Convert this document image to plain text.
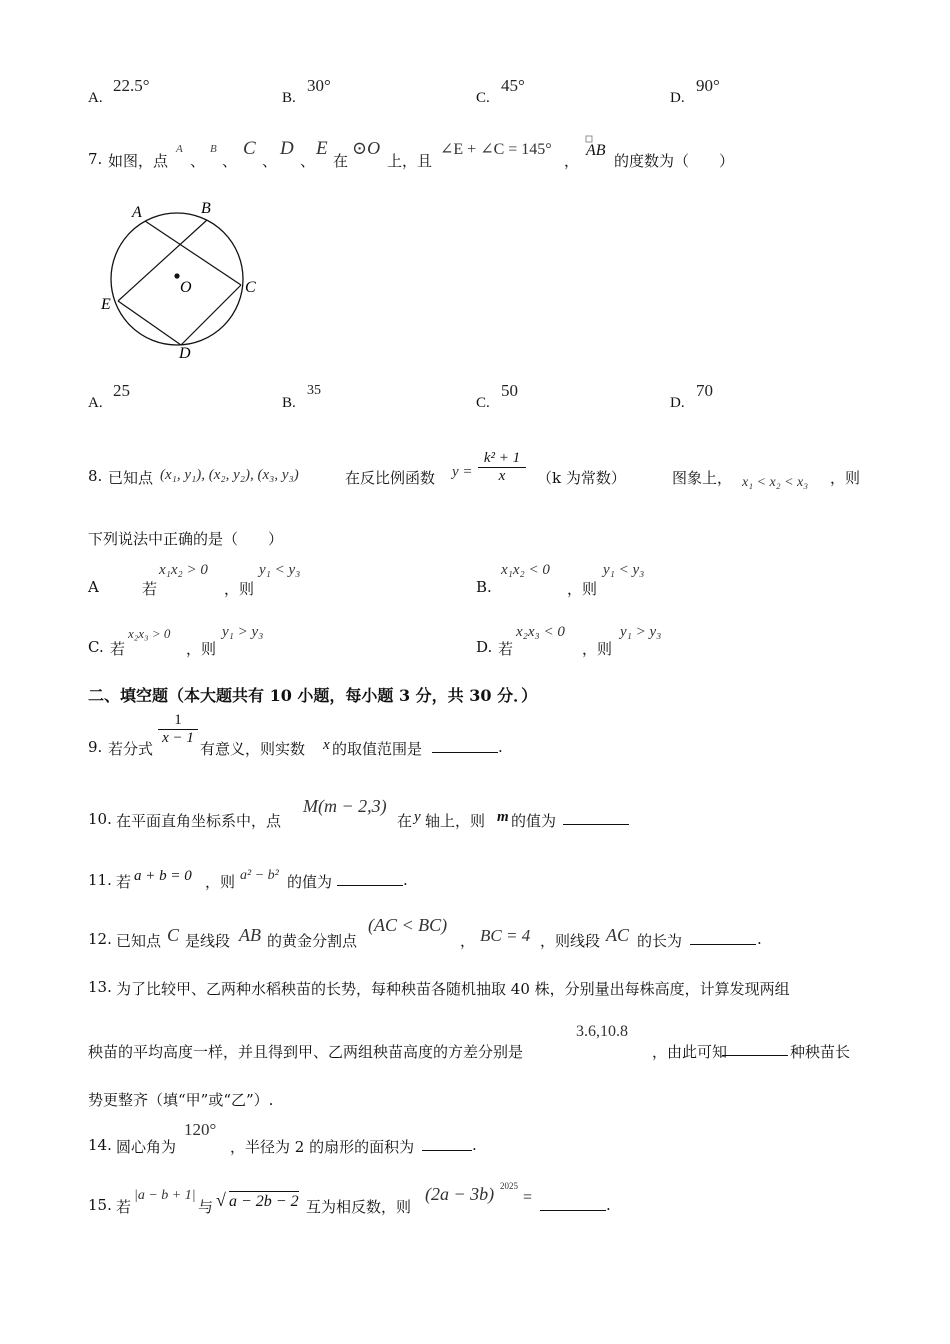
A.
22.5°
B.
30°
C.
45°
D.
90°
7. 如图，点
A
、
B
、
C
、
D
、
E
在
⊙O
上，且
∠E + ∠C = 145°
，
AB
的度数为（　　）
A	B
C
D
E
O
A.
25
B.
35
C.
50
D.
70
8. 已知点 (x₁, y₁), (x₂, y₂), (x₃, y₃)	在反比例函数 $y = \frac{\text{k² + 1}}{x} (k$ 为常数）	图象上， x₁ < x₂ < x₃ ，则
下列说法中正确的是（　　）
A	若
x₁x₂ > 0
，则
y₁ < y₃
B.
x₁x₂ < 0
，则
y₁ < y₃
C. 若
x₂x₃ > 0
，则
y₁ > y₃
D. 若
x₂x₃ < 0
，则
y₁ > y₃
二、填空题（本大题共有 10 小题，每小题 3 分，共 30 分．）
9. 若分式
$\frac{1}{x - 1}$
有意义，则实数 x 的取值范围是	.
10. 在平面直角坐标系中，点
M(m − 2,3)
在 y 轴上，则 m 的值为
11. 若 a + b = 0 ，则 a² − b² 的值为	.
12. 已知点 C 是线段 AB 的黄金分割点
(AC < BC)
， BC = 4 ，则线段 AC 的长为	.
13. 为了比较甲、乙两种水稻秧苗的长势，每种秧苗各随机抽取 40 株，分别量出每株高度，计算发现两组
秧苗的平均高度一样，并且得到甲、乙两组秧苗高度的方差分别是
3.6,10.8
，由此可知	种秧苗长
势更整齐（填“甲”或“乙”）.
14. 圆心角为
120°
，半径为 2 的扇形的面积为	.
15. 若
|a − b + 1|
与 √ a − 2b − 2 互为相反数，则
(2a − 3b) 2025
=	.
